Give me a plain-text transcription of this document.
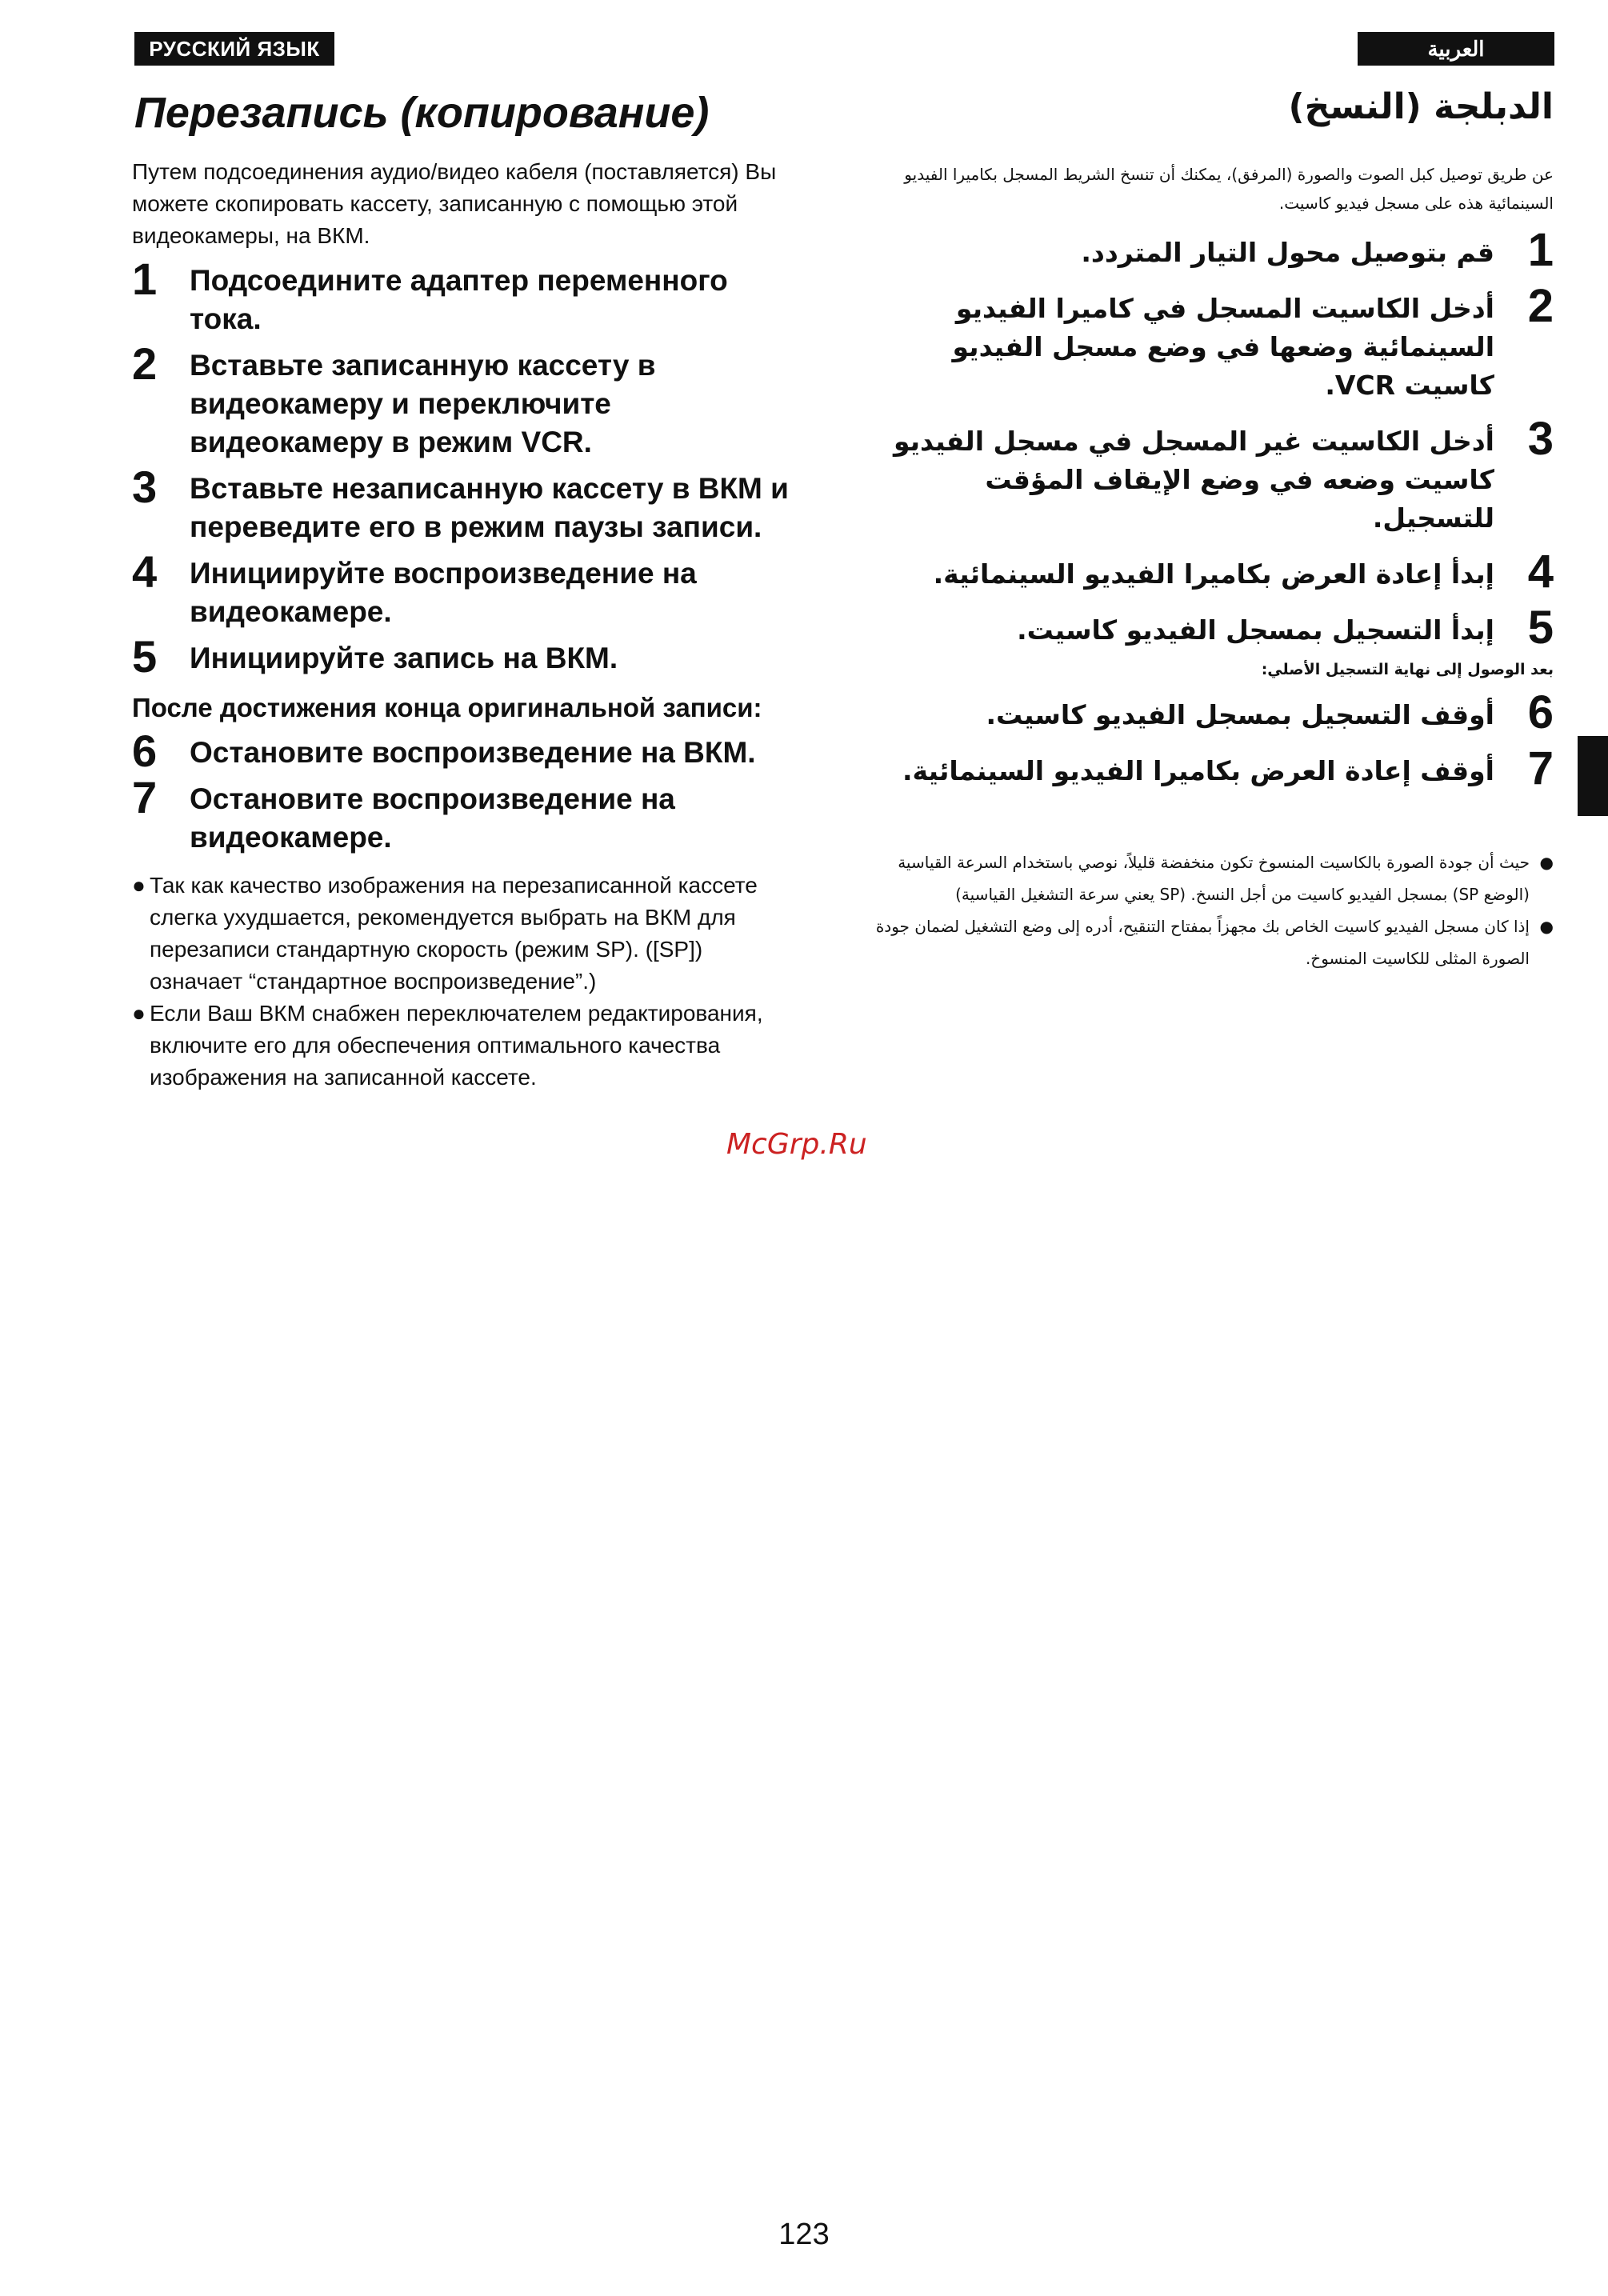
РУССКИЙ ЯЗЫК	العربية
Перезапись (копирование)	الدبلجة (النسخ)

Путем подсоединения аудио/видео кабеля (поставляется) Вы можете скопировать кассету, записанную с помощью этой видеокамеры, на ВКМ.

1 Подсоедините адаптер переменного тока.
2 Вставьте записанную кассету в видеокамеру и переключите видеокамеру в режим VCR.
3 Вставьте незаписанную кассету в ВКМ и переведите его в режим паузы записи.
4 Инициируйте воспроизведение на видеокамере.
5 Инициируйте запись на ВКМ.
После достижения конца оригинальной записи:
6 Остановите воспроизведение на ВКМ.
7 Остановите воспроизведение на видеокамере.
● Так как качество изображения на перезаписанной кассете слегка ухудшается, рекомендуется выбрать на ВКМ для перезаписи стандартную скорость (режим SP). ([SP]) означает “стандартное воспроизведение”.)
● Если Ваш ВКМ снабжен переключателем редактирования, включите его для обеспечения оптимального качества изображения на записанной кассете.

عن طريق توصيل كبل الصوت والصورة (المرفق)، يمكنك أن تنسخ الشريط المسجل بكاميرا الفيديو السينمائية هذه على مسجل فيديو كاسيت.

1
قم بتوصيل محول التيار المتردد.
2
أدخل الكاسيت المسجل في كاميرا الفيديو السينمائية وضعها في وضع مسجل الفيديو كاسيت VCR.
3
أدخل الكاسيت غير المسجل في مسجل الفيديو كاسيت وضعه في وضع الإيقاف المؤقت للتسجيل.
4
إبدأ إعادة العرض بكاميرا الفيديو السينمائية.
5
إبدأ التسجيل بمسجل الفيديو كاسيت.
بعد الوصول إلى نهاية التسجيل الأصلي:
6
أوقف التسجيل بمسجل الفيديو كاسيت.
7
أوقف إعادة العرض بكاميرا الفيديو السينمائية.
●
حيث أن جودة الصورة بالكاسيت المنسوخ تكون منخفضة قليلاً، نوصي باستخدام السرعة القياسية (الوضع SP) بمسجل الفيديو كاسيت من أجل النسخ. (SP يعني سرعة التشغيل القياسية)
●
إذا كان مسجل الفيديو كاسيت الخاص بك مجهزاً بمفتاح التنقيح، أدره إلى وضع التشغيل لضمان جودة الصورة المثلى للكاسيت المنسوخ.
McGrp.Ru
123
